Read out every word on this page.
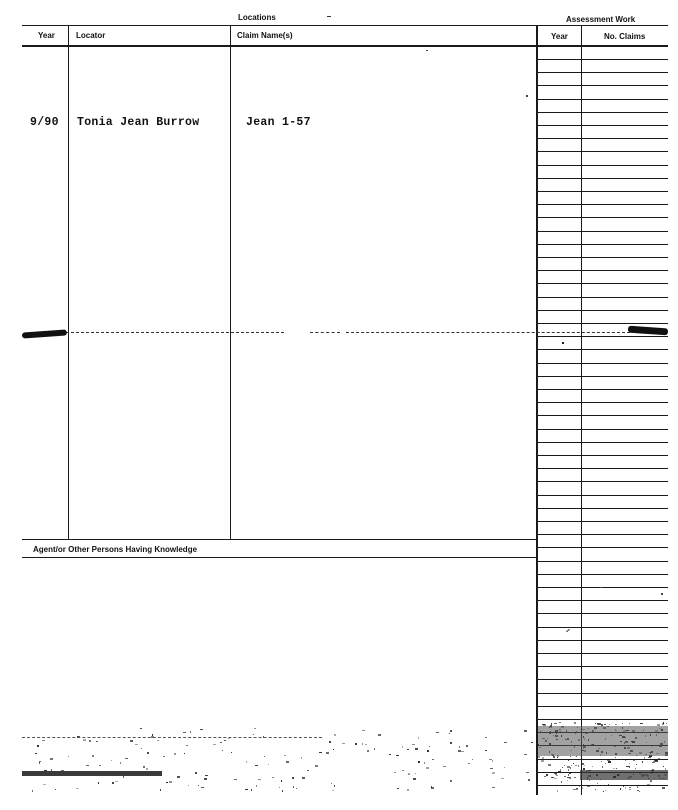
Locations	Assessment Work
Year	Locator	Claim Name(s)	Year	No. Claims
9/90 Tonia Jean Burrow	Jean 1-57
Agent/or Other Persons Having Knowledge
